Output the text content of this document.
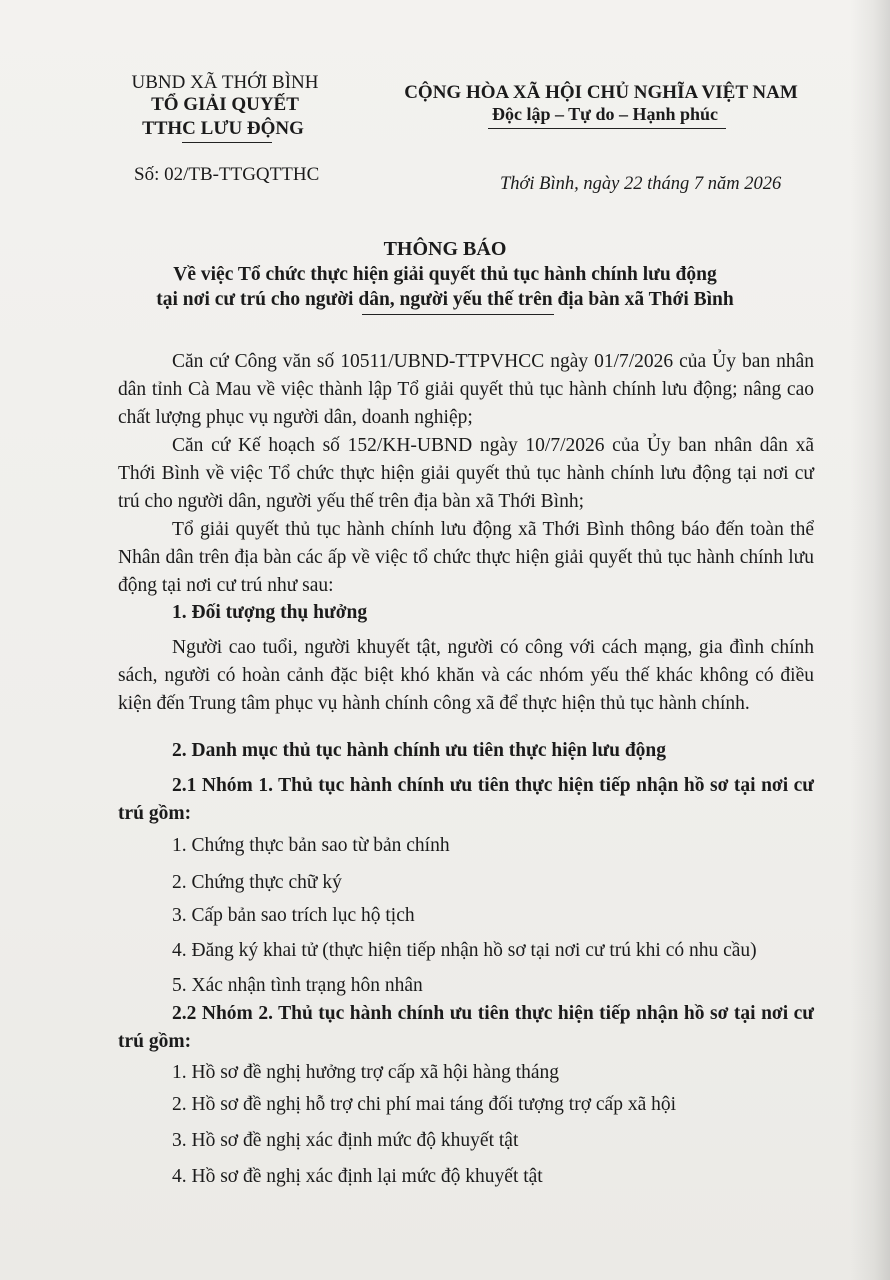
UBND XÃ THỚI BÌNH
TỔ GIẢI QUYẾT
TTHC LƯU ĐỘNG
Số: 02/TB-TTGQTTHC
CỘNG HÒA XÃ HỘI CHỦ NGHĨA VIỆT NAM
Độc lập – Tự do – Hạnh phúc
Thới Bình, ngày 22 tháng 7 năm 2026
THÔNG BÁO
Về việc Tổ chức thực hiện giải quyết thủ tục hành chính lưu động
tại nơi cư trú cho người dân, người yếu thế trên địa bàn xã Thới Bình
Căn cứ Công văn số 10511/UBND-TTPVHCC ngày 01/7/2026 của Ủy ban nhân dân tỉnh Cà Mau về việc thành lập Tổ giải quyết thủ tục hành chính lưu động; nâng cao chất lượng phục vụ người dân, doanh nghiệp;
Căn cứ Kế hoạch số 152/KH-UBND ngày 10/7/2026 của Ủy ban nhân dân xã Thới Bình về việc Tổ chức thực hiện giải quyết thủ tục hành chính lưu động tại nơi cư trú cho người dân, người yếu thế trên địa bàn xã Thới Bình;
Tổ giải quyết thủ tục hành chính lưu động xã Thới Bình thông báo đến toàn thể Nhân dân trên địa bàn các ấp về việc tổ chức thực hiện giải quyết thủ tục hành chính lưu động tại nơi cư trú như sau:
1. Đối tượng thụ hưởng
Người cao tuổi, người khuyết tật, người có công với cách mạng, gia đình chính sách, người có hoàn cảnh đặc biệt khó khăn và các nhóm yếu thế khác không có điều kiện đến Trung tâm phục vụ hành chính công xã để thực hiện thủ tục hành chính.
2. Danh mục thủ tục hành chính ưu tiên thực hiện lưu động
2.1 Nhóm 1. Thủ tục hành chính ưu tiên thực hiện tiếp nhận hồ sơ tại nơi cư trú gồm:
1. Chứng thực bản sao từ bản chính
2. Chứng thực chữ ký
3. Cấp bản sao trích lục hộ tịch
4. Đăng ký khai tử (thực hiện tiếp nhận hồ sơ tại nơi cư trú khi có nhu cầu)
5. Xác nhận tình trạng hôn nhân
2.2 Nhóm 2. Thủ tục hành chính ưu tiên thực hiện tiếp nhận hồ sơ tại nơi cư trú gồm:
1. Hồ sơ đề nghị hưởng trợ cấp xã hội hàng tháng
2. Hồ sơ đề nghị hỗ trợ chi phí mai táng đối tượng trợ cấp xã hội
3. Hồ sơ đề nghị xác định mức độ khuyết tật
4. Hồ sơ đề nghị xác định lại mức độ khuyết tật
